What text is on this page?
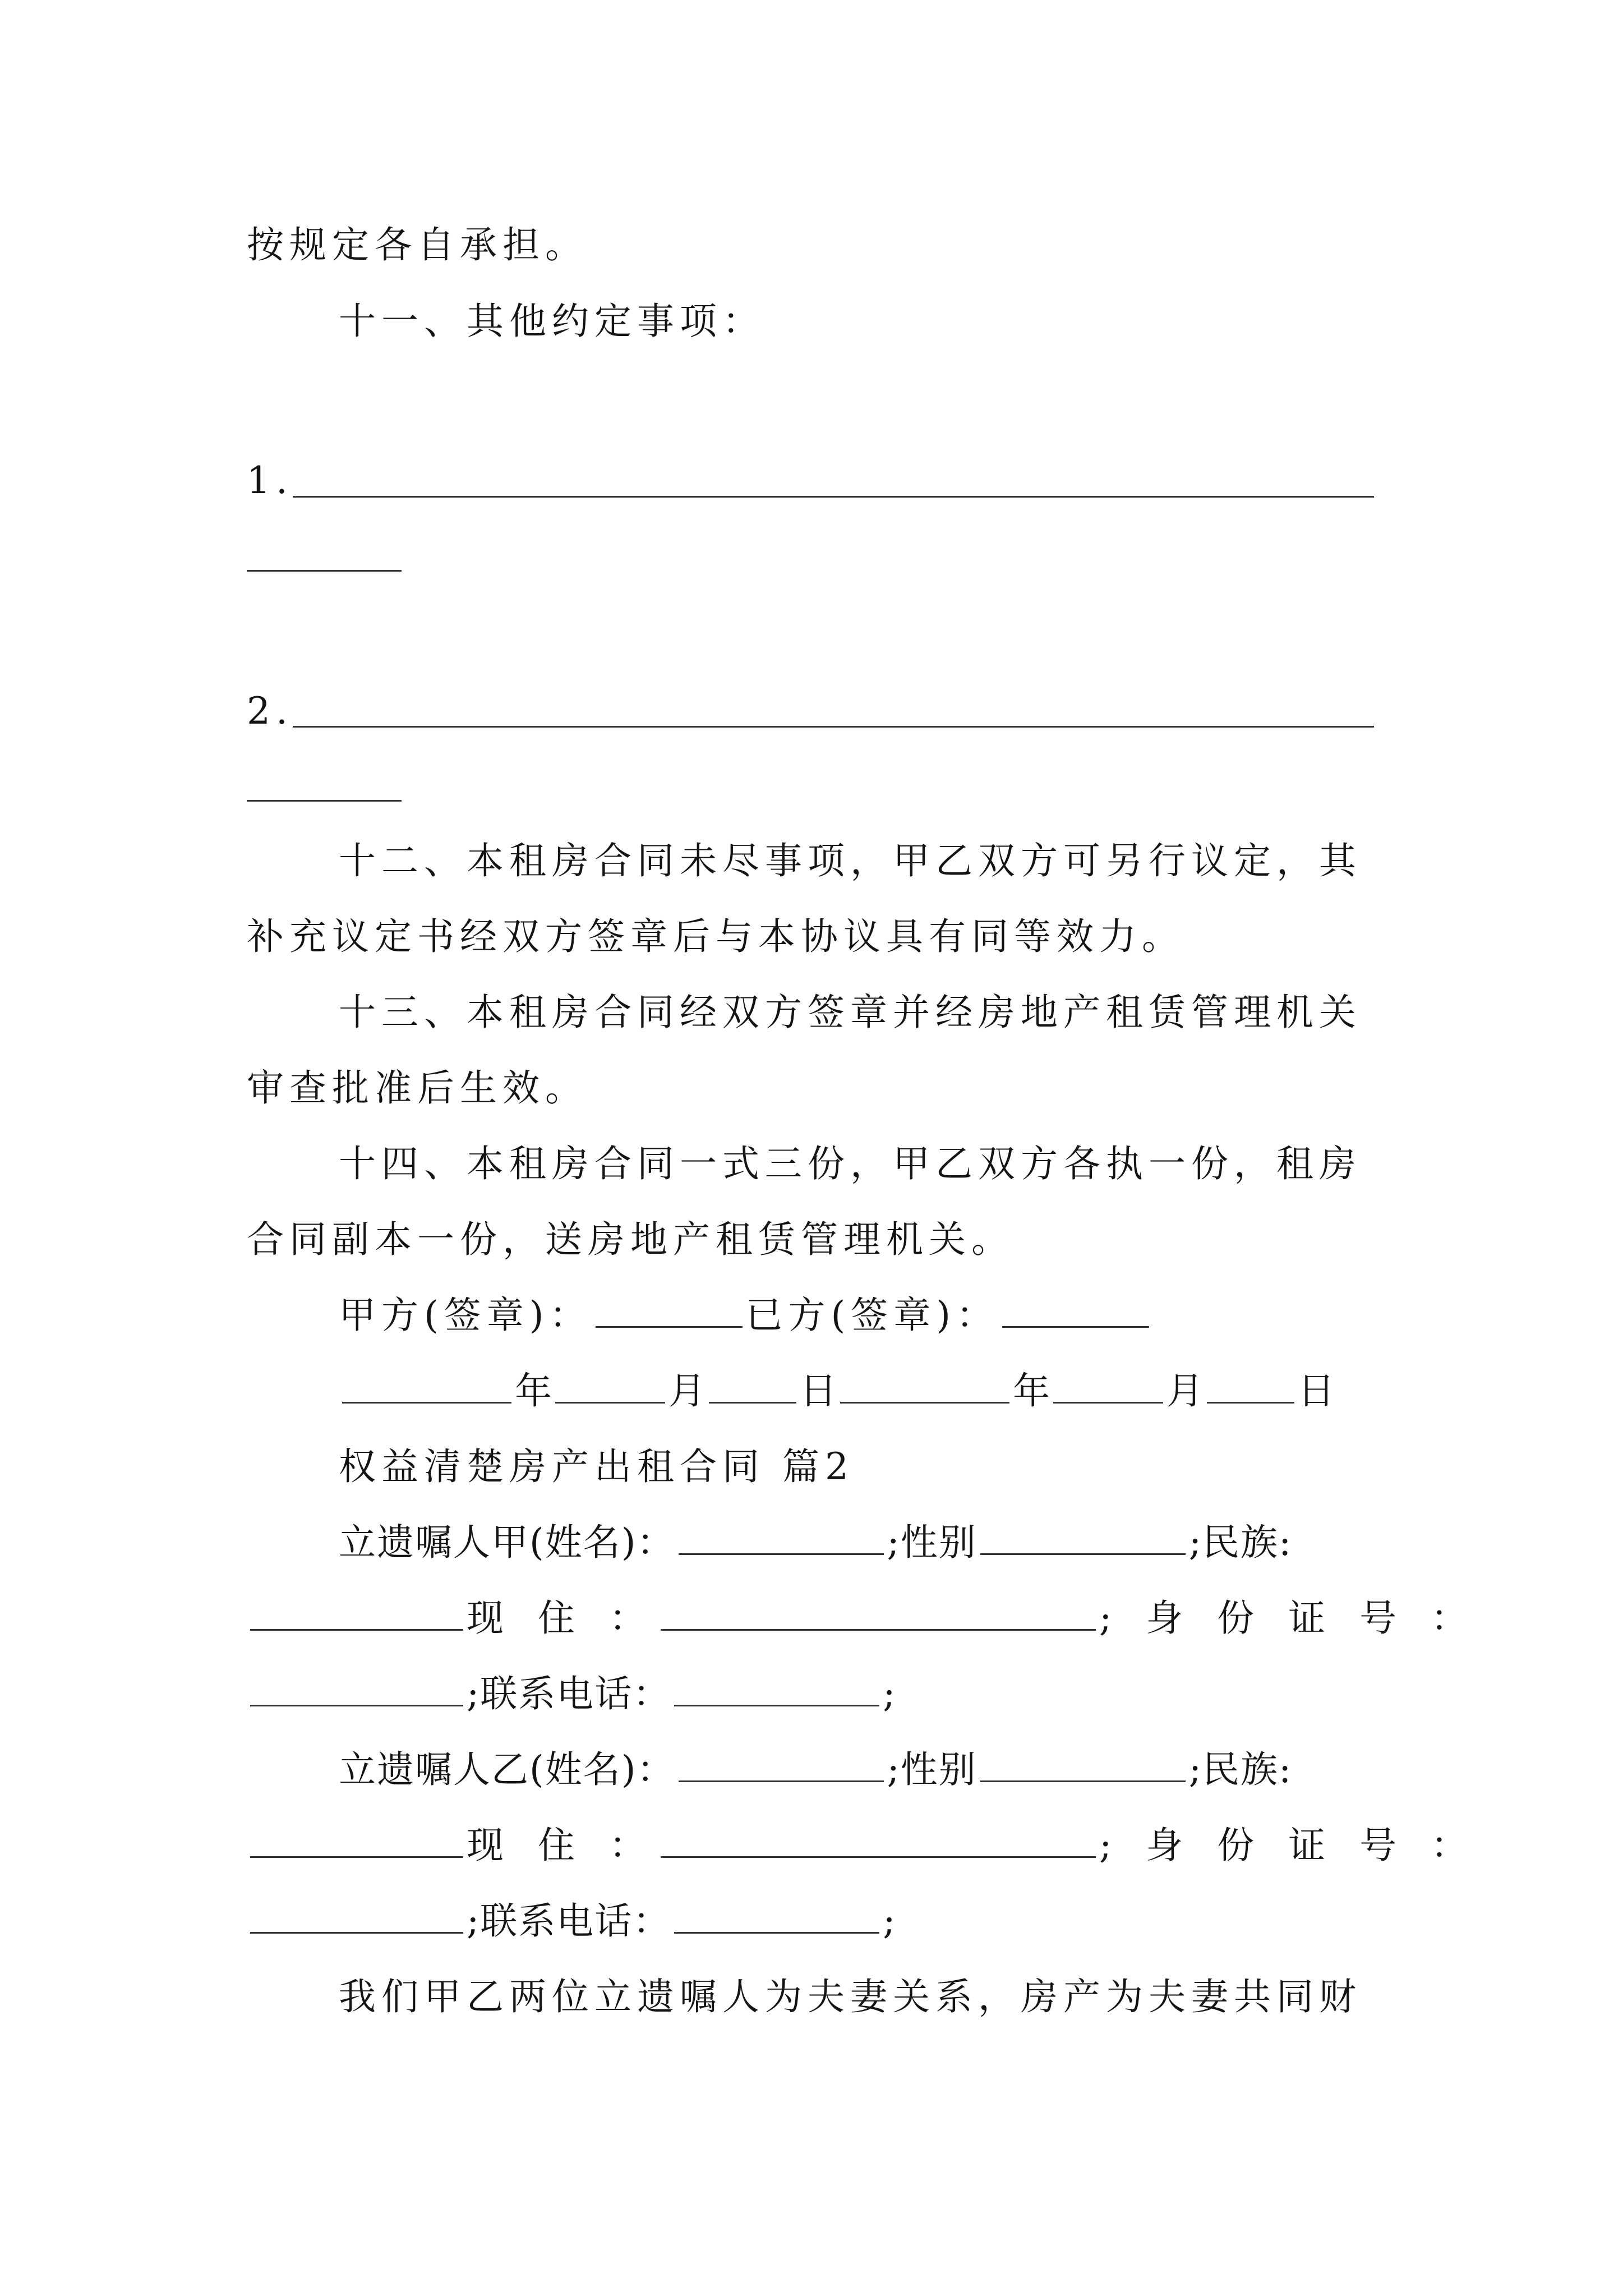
按规定各自承担。
十一、其他约定事项：
1.
2.
十二、本租房合同未尽事项，甲乙双方可另行议定，其
补充议定书经双方签章后与本协议具有同等效力。
十三、本租房合同经双方签章并经房地产租赁管理机关
审查批准后生效。
十四、本租房合同一式三份，甲乙双方各执一份，租房
合同副本一份，送房地产租赁管理机关。
甲方(签章)：	已方(签章)：
年	月	日	年	月	日
权益清楚房产出租合同 篇2
立遗嘱人甲(姓名)：	;性别	;民族:
现 住 ：	; 身 份 证 号 ：
;联系电话：	;
立遗嘱人乙(姓名)：	;性别	;民族:
现 住 ：	; 身 份 证 号 ：
;联系电话：	;
我们甲乙两位立遗嘱人为夫妻关系，房产为夫妻共同财
